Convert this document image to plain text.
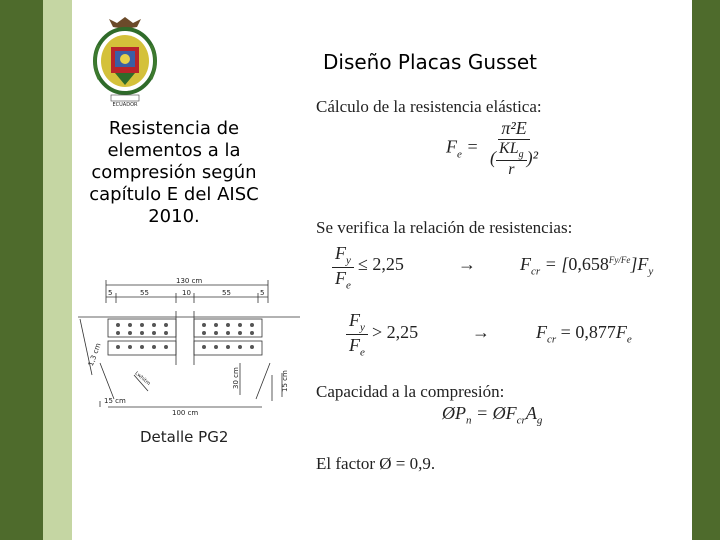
ECUADOR
Resistencia de elementos a la compresión según capítulo E del AISC 2010.
Diseño Placas Gusset
Cálculo de la resistencia elástica:
$F_e = \frac{\text{π²E}}{( \frac{KL_g}{r} )^2}$
Se verifica la relación de resistencias:
$\frac{F_y}{F_e} \le 2,25$	→ $F_{cr} = [0,658^{Fy/Fe}]F_y$
$\frac{F_y}{F_e} > 2,25$	→	$F_{cr} = 0,877F_e$
Capacidad a la compresión:
$ØP_n$ = $ØF_{cr}A_g$
El factor Ø = 0,9.
130 cm
5	55	10	55	5
1,3 cm
30 cm	15 cm
15 cm
100 cm
Lwhitm
Detalle PG2
